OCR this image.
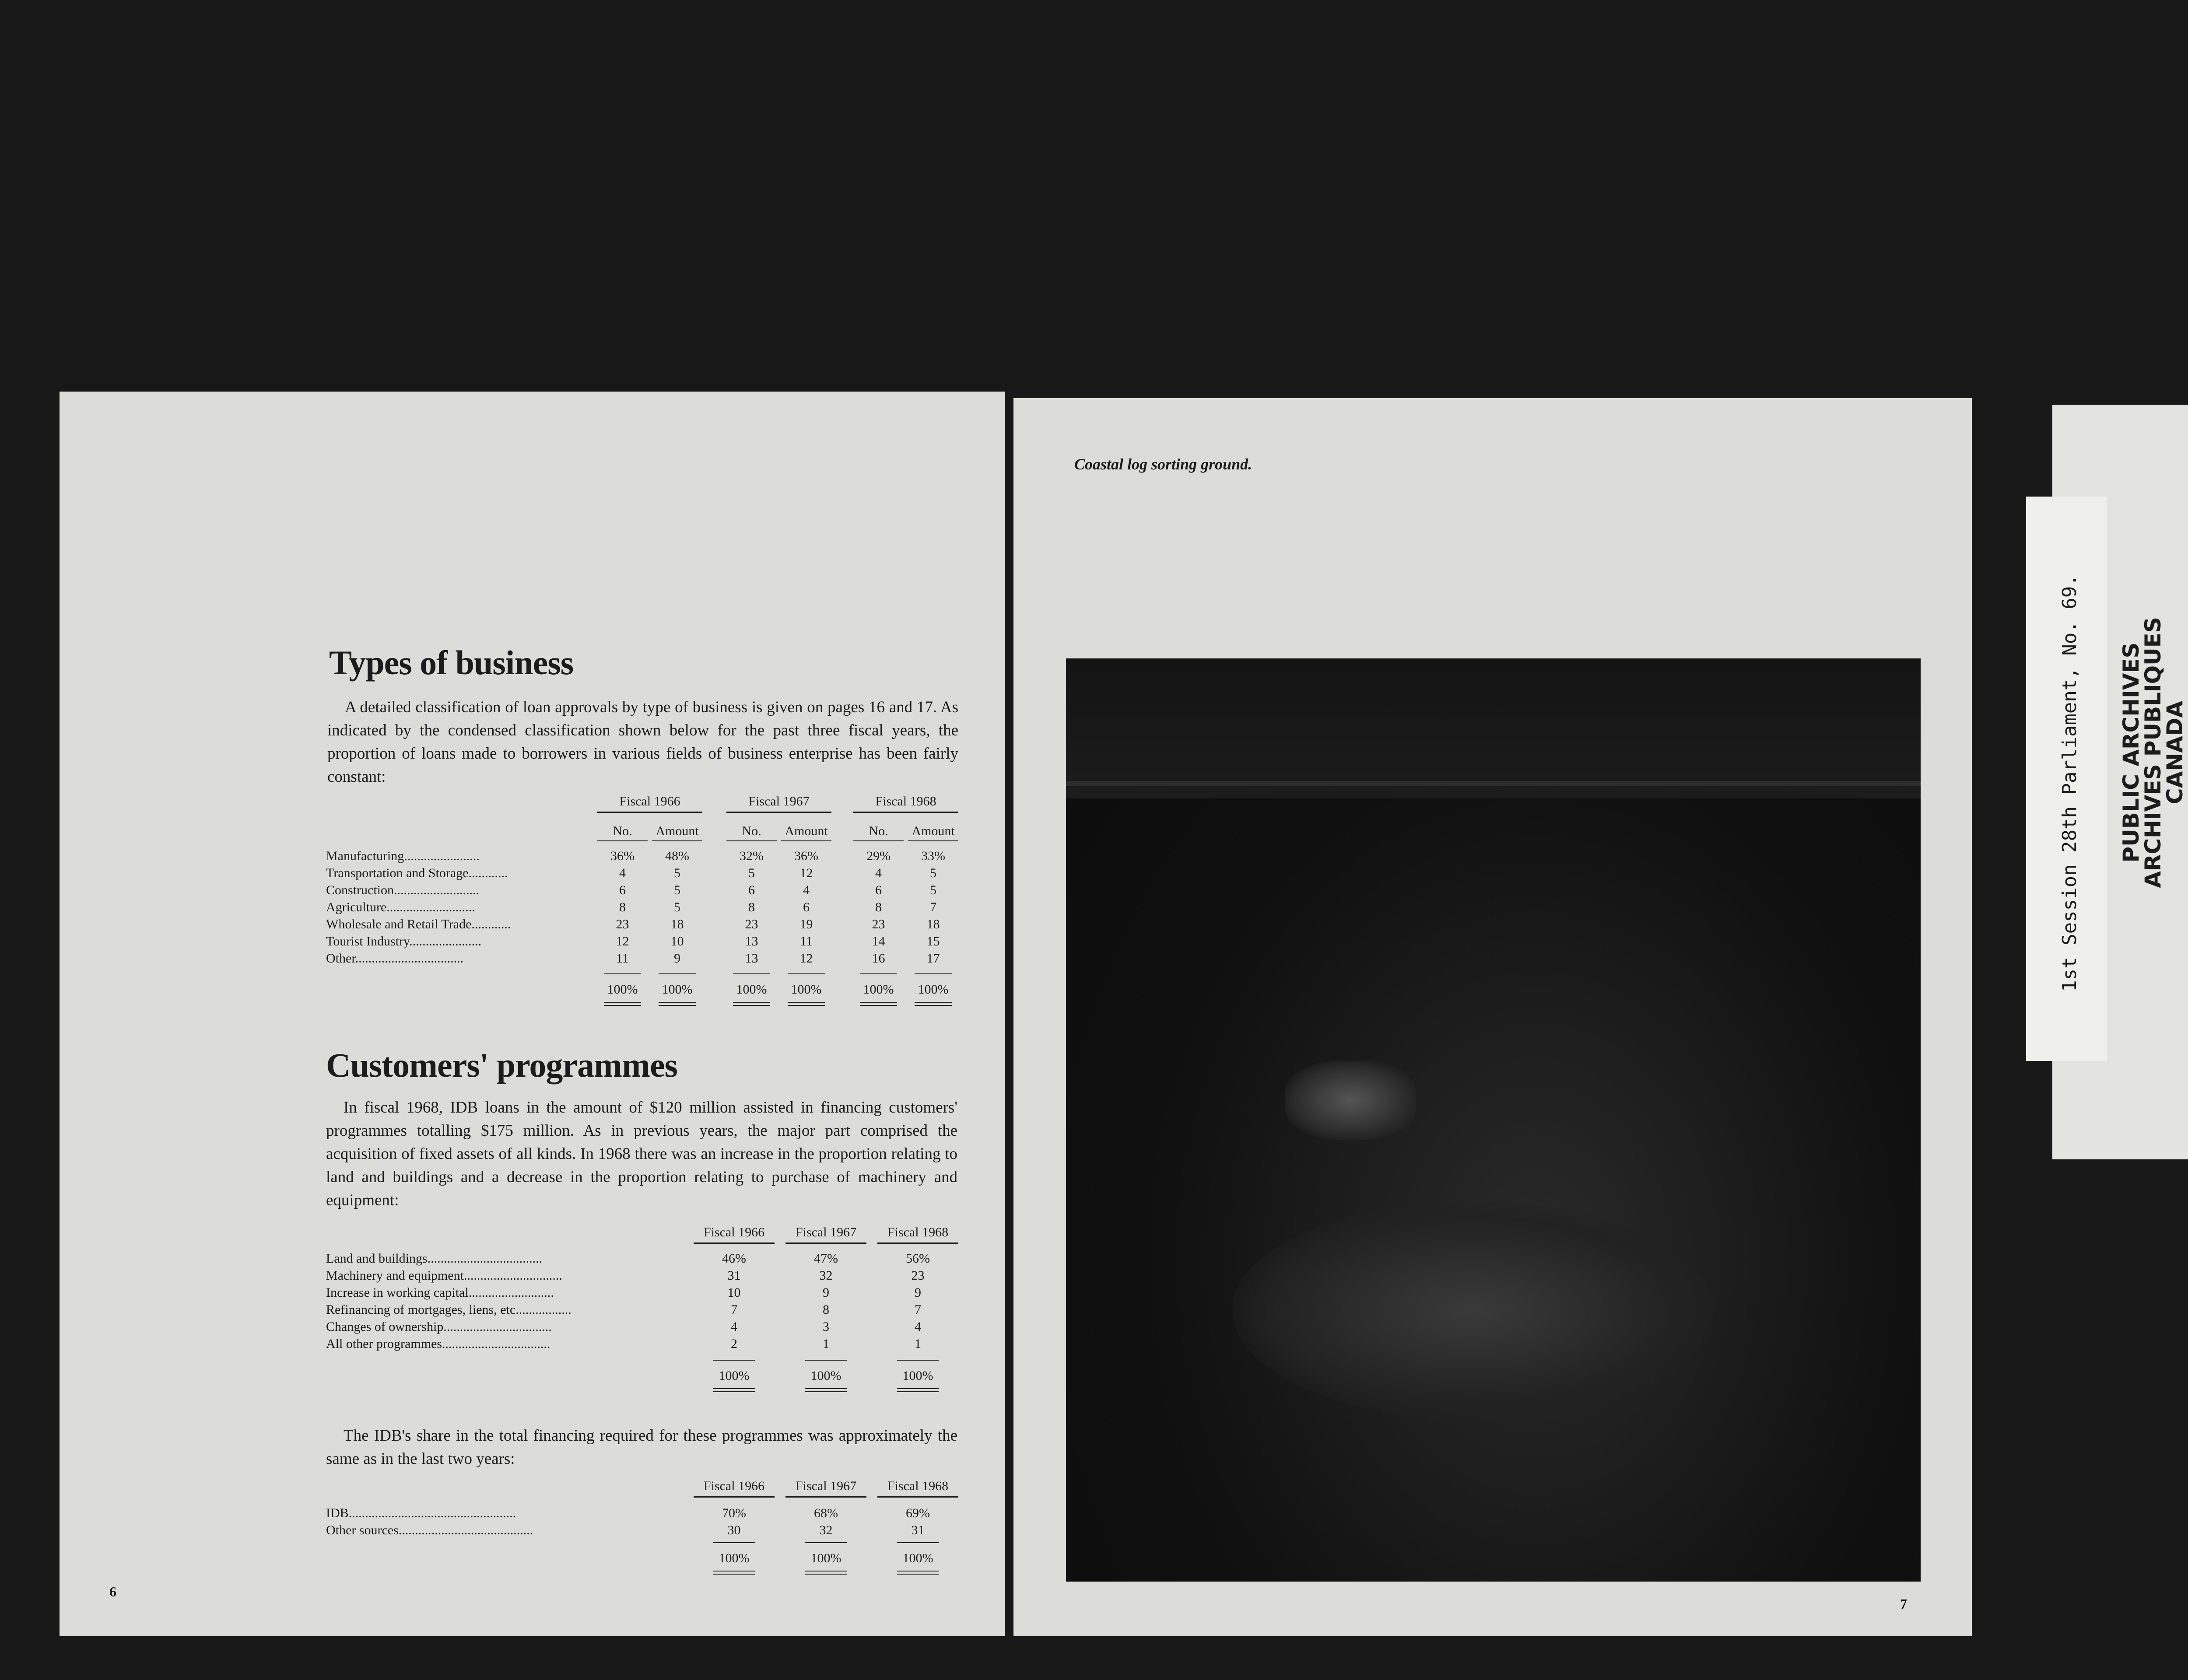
Types of business
A detailed classification of loan approvals by type of business is given on pages 16 and 17. As indicated by the condensed classification shown below for the past three fiscal years, the proportion of loans made to borrowers in various fields of business enterprise has been fairly constant:
Fiscal 1966	Fiscal 1967	Fiscal 1968
No.	Amount	No.	Amount	No.	Amount
Manufacturing.......................	36%	48%	32%	36%	29%	33%
Transportation and Storage............	4	5	5	12	4	5
Construction..........................	6	5	6	4	6	5
Agriculture...........................	8	5	8	6	8	7
Wholesale and Retail Trade............	23	18	23	19	23	18
Tourist Industry......................	12	10	13	11	14	15
Other.................................	11	9	13	12	16	17
100%	100%	100%	100%	100%	100%
Customers' programmes
In fiscal 1968, IDB loans in the amount of $120 million assisted in financing customers' programmes totalling $175 million. As in previous years, the major part comprised the acquisition of fixed assets of all kinds. In 1968 there was an increase in the proportion relating to land and buildings and a decrease in the proportion relating to purchase of machinery and equipment:
Fiscal 1966	Fiscal 1967	Fiscal 1968
Land and buildings...................................	46%	47%	56%
Machinery and equipment..............................	31	32	23
Increase in working capital..........................	10	9	9
Refinancing of mortgages, liens, etc.................	7	8	7
Changes of ownership.................................	4	3	4
All other programmes.................................	2	1	1
100%	100%	100%
The IDB's share in the total financing required for these programmes was approximately the same as in the last two years:
Fiscal 1966	Fiscal 1967	Fiscal 1968
IDB...................................................	70%	68%	69%
Other sources.........................................	30	32	31
100%	100%	100%
6
Coastal log sorting ground.
7
1st Session 28th Parliament, No. 69. PUBLIC ARCHIVES
ARCHIVES PUBLIQUES
CANADA
